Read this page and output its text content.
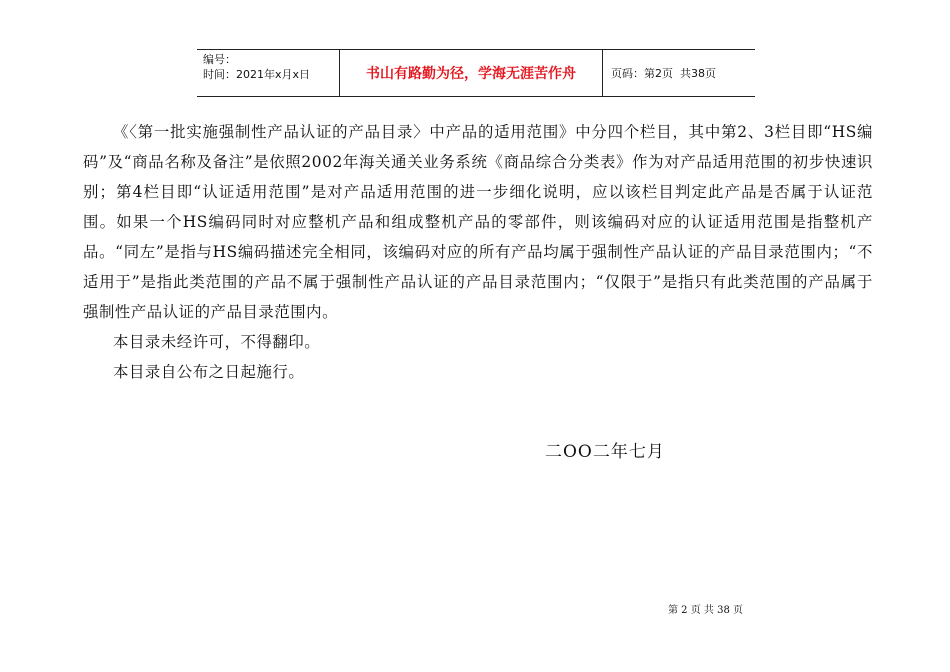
编号：
时间：2021年x月x日	书山有路勤为径，学海无涯苦作舟	页码：第2页  共38页

《〈第一批实施强制性产品认证的产品目录〉中产品的适用范围》中分四个栏目，其中第2、3栏目即“HS编码”及“商品名称及备注”是依照2002年海关通关业务系统《商品综合分类表》作为对产品适用范围的初步快速识别；第4栏目即“认证适用范围”是对产品适用范围的进一步细化说明，应以该栏目判定此产品是否属于认证范围。如果一个HS编码同时对应整机产品和组成整机产品的零部件，则该编码对应的认证适用范围是指整机产品。“同左”是指与HS编码描述完全相同，该编码对应的所有产品均属于强制性产品认证的产品目录范围内；“不适用于”是指此类范围的产品不属于强制性产品认证的产品目录范围内；“仅限于”是指只有此类范围的产品属于强制性产品认证的产品目录范围内。

本目录未经许可，不得翻印。

本目录自公布之日起施行。

二OO二年七月
第 2 页 共 38 页
